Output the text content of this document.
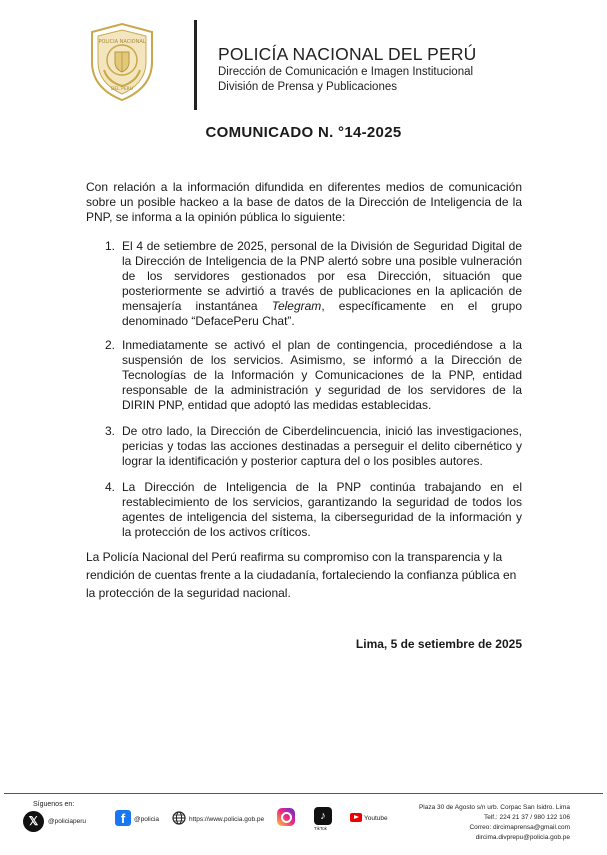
POLICIA NACIONAL
DEL PERU
POLICÍA NACIONAL DEL PERÚ
Dirección de Comunicación e Imagen Institucional
División de Prensa y Publicaciones
COMUNICADO N. °14-2025
Con relación a la información difundida en diferentes medios de comunicación sobre un posible hackeo a la base de datos de la Dirección de Inteligencia de la PNP, se informa a la opinión pública lo siguiente:
1. El 4 de setiembre de 2025, personal de la División de Seguridad Digital de la Dirección de Inteligencia de la PNP alertó sobre una posible vulneración de los servidores gestionados por esa Dirección, situación que posteriormente se advirtió a través de publicaciones en la aplicación de mensajería instantánea Telegram, específicamente en el grupo denominado “DefacePeru Chat”.
2. Inmediatamente se activó el plan de contingencia, procediéndose a la suspensión de los servicios. Asimismo, se informó a la Dirección de Tecnologías de la Información y Comunicaciones de la PNP, entidad responsable de la administración y seguridad de los servidores de la DIRIN PNP, entidad que adoptó las medidas establecidas.
3. De otro lado, la Dirección de Ciberdelincuencia, inició las investigaciones, pericias y todas las acciones destinadas a perseguir el delito cibernético y lograr la identificación y posterior captura del o los posibles autores.
4. La Dirección de Inteligencia de la PNP continúa trabajando en el restablecimiento de los servicios, garantizando la seguridad de todos los agentes de inteligencia del sistema, la ciberseguridad de la información y la protección de los activos críticos.
La Policía Nacional del Perú reafirma su compromiso con la transparencia y la rendición de cuentas frente a la ciudadanía, fortaleciendo la confianza pública en la protección de la seguridad nacional.
Lima, 5 de setiembre de 2025
Síguenos en:
𝕏	@policiaperu	f	@policia	https://www.policia.gob.pe	♪
TikTok
Youtube
Plaza 30 de Agosto s/n urb. Corpac San Isidro. Lima
Telf.: 224 21 37 / 980 122 106
Correo: dircimaprensa@gmail.com
dircima.divprepu@policia.gob.pe
